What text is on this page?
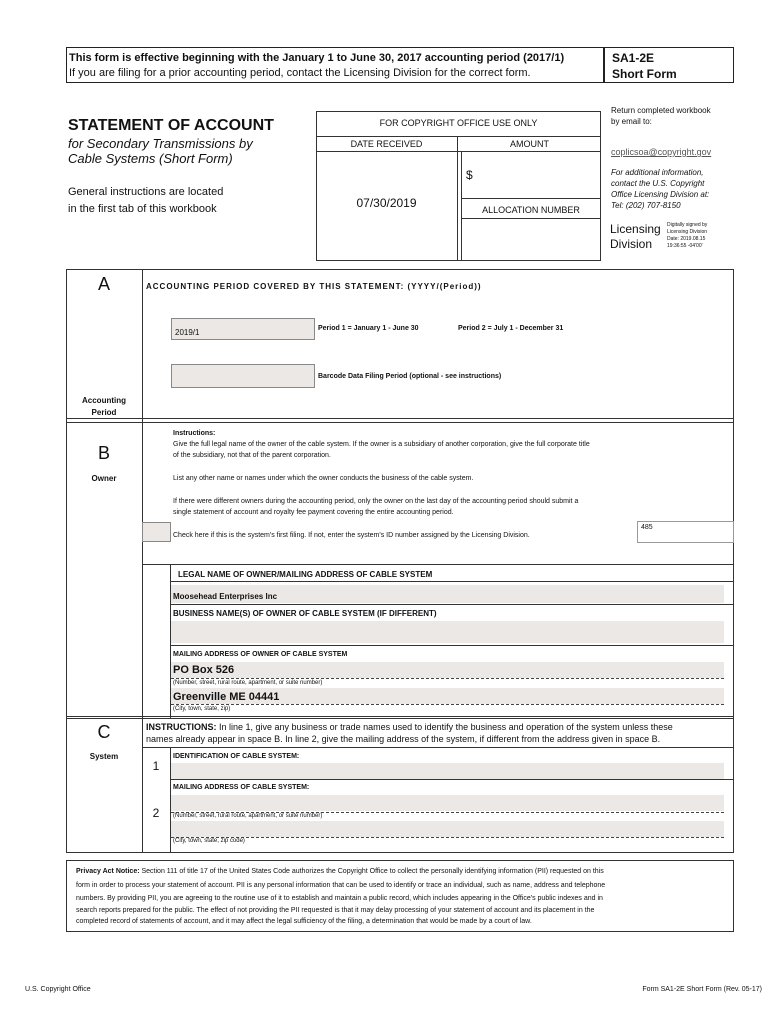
This form is effective beginning with the January 1 to June 30, 2017 accounting period (2017/1)
If you are filing for a prior accounting period, contact the Licensing Division for the correct form.
SA1-2E
Short Form
STATEMENT OF ACCOUNT
for Secondary Transmissions by
Cable Systems (Short Form)
General instructions are located
in the first tab of this workbook
FOR COPYRIGHT OFFICE USE ONLY
DATE RECEIVED	AMOUNT
07/30/2019
$
ALLOCATION NUMBER
Return completed workbook
by email to:
coplicsoa@copyright.gov
For additional information,
contact the U.S. Copyright
Office Licensing Division at:
Tel: (202) 707-8150
Licensing
Division
Digitally signed by
Licensing Division
Date: 2019.08.15
19:36:55 -04'00'
A
Accounting
Period
ACCOUNTING PERIOD COVERED BY THIS STATEMENT: (YYYY/(Period))
2019/1	Period 1 = January 1 - June 30	Period 2 = July 1 - December 31
Barcode Data Filing Period (optional - see instructions)
B
Owner
Instructions:
Give the full legal name of the owner of the cable system. If the owner is a subsidiary of another corporation, give the full corporate title
of the subsidiary, not that of the parent corporation.
List any other name or names under which the owner conducts the business of the cable system.
If there were different owners during the accounting period, only the owner on the last day of the accounting period should submit a
single statement of account and royalty fee payment covering the entire accounting period.
Check here if this is the system's first filing. If not, enter the system's ID number assigned by the Licensing Division.
485
LEGAL NAME OF OWNER/MAILING ADDRESS OF CABLE SYSTEM
Moosehead Enterprises Inc
BUSINESS NAME(S) OF OWNER OF CABLE SYSTEM (IF DIFFERENT)
MAILING ADDRESS OF OWNER OF CABLE SYSTEM
PO Box 526
(Number, street, rural route, apartment, or suite number)
Greenville ME 04441
(City, town, state, zip)
C
System
INSTRUCTIONS: In line 1, give any business or trade names used to identify the business and operation of the system unless these
names already appear in space B. In line 2, give the mailing address of the system, if different from the address given in space B.
1
IDENTIFICATION OF CABLE SYSTEM:
MAILING ADDRESS OF CABLE SYSTEM:
2	(Number, street, rural route, apartment, or suite number)
(City, town, state, zip code)
Privacy Act Notice: Section 111 of title 17 of the United States Code authorizes the Copyright Office to collect the personally identifying information (PII) requested on this
form in order to process your statement of account. PII is any personal information that can be used to identify or trace an individual, such as name, address and telephone
numbers. By providing PII, you are agreeing to the routine use of it to establish and maintain a public record, which includes appearing in the Office's public indexes and in
search reports prepared for the public. The effect of not providing the PII requested is that it may delay processing of your statement of account and its placement in the
completed record of statements of account, and it may affect the legal sufficiency of the filing, a determination that would be made by a court of law.
U.S. Copyright Office	Form SA1-2E Short Form (Rev. 05-17)
